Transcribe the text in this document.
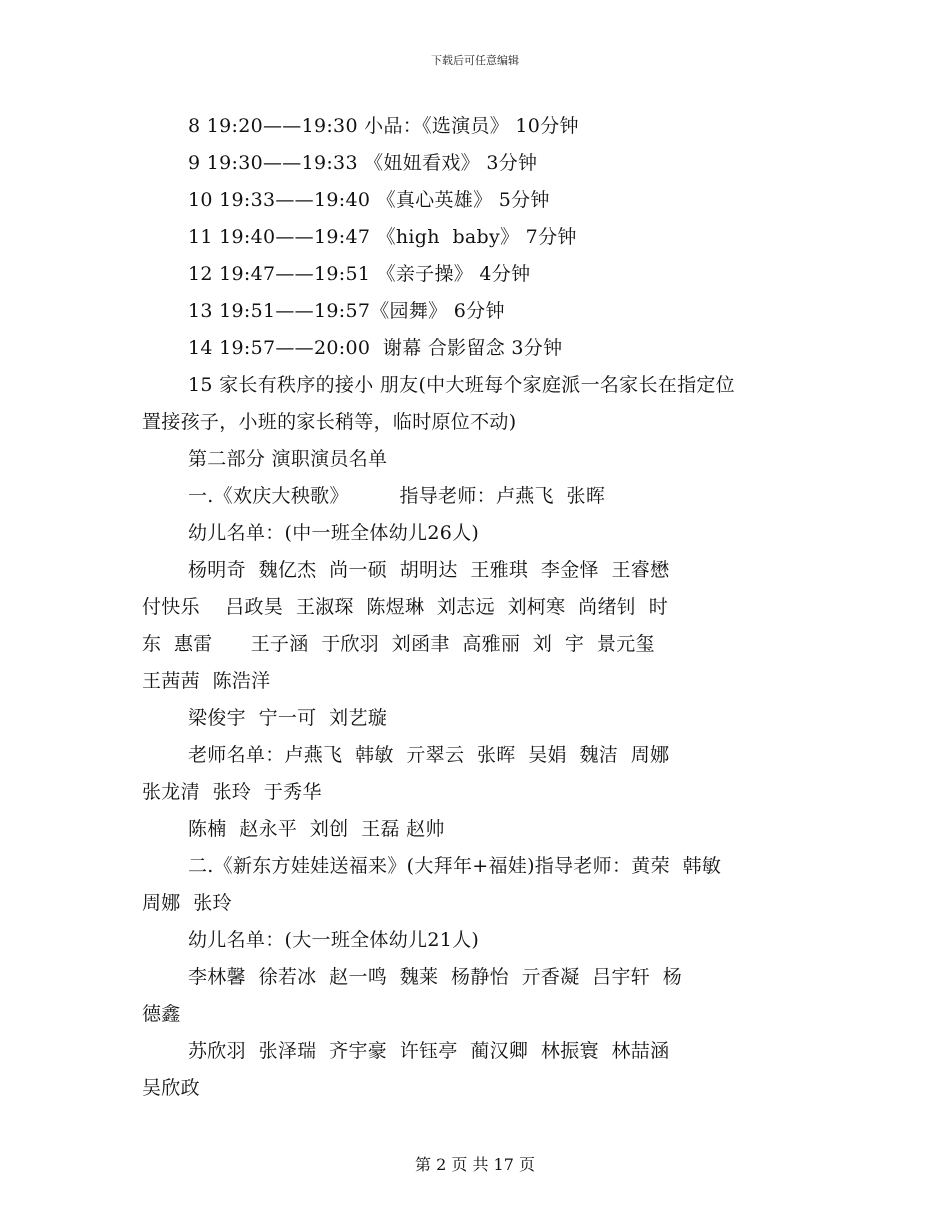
下载后可任意编辑
8 19:20——19:30 小品：《选演员》 10分钟
9 19:30——19:33 《妞妞看戏》 3分钟
10 19:33——19:40 《真心英雄》 5分钟
11 19:40——19:47 《high  baby》 7分钟
12 19:47——19:51 《亲子操》 4分钟
13 19:51——19:57《园舞》 6分钟
14 19:57——20:00  谢幕 合影留念 3分钟
15 家长有秩序的接小 朋友(中大班每个家庭派一名家长在指定位
置接孩子，小班的家长稍等，临时原位不动)
第二部分 演职演员名单
一.《欢庆大秧歌》        指导老师：卢燕飞  张晖
幼儿名单：(中一班全体幼儿26人)
杨明奇  魏亿杰  尚一硕  胡明达  王雅琪  李金怿  王睿懋
付快乐    吕政昊  王淑琛  陈煜琳  刘志远  刘柯寒  尚绪钊  时
东  惠雷      王子涵  于欣羽  刘函聿  高雅丽  刘  宇  景元玺
王茜茜  陈浩洋
梁俊宇  宁一可  刘艺璇
老师名单：卢燕飞  韩敏  亓翠云  张晖  吴娟  魏洁  周娜
张龙清  张玲  于秀华
陈楠  赵永平  刘创  王磊 赵帅
二.《新东方娃娃送福来》(大拜年+福娃)指导老师：黄荣  韩敏
周娜  张玲
幼儿名单：(大一班全体幼儿21人)
李林馨  徐若冰  赵一鸣  魏莱  杨静怡  亓香凝  吕宇轩  杨
德鑫
苏欣羽  张泽瑞  齐宇豪  许钰亭  蔺汉卿  林振寰  林喆涵
吴欣政
第 2 页 共 17 页
